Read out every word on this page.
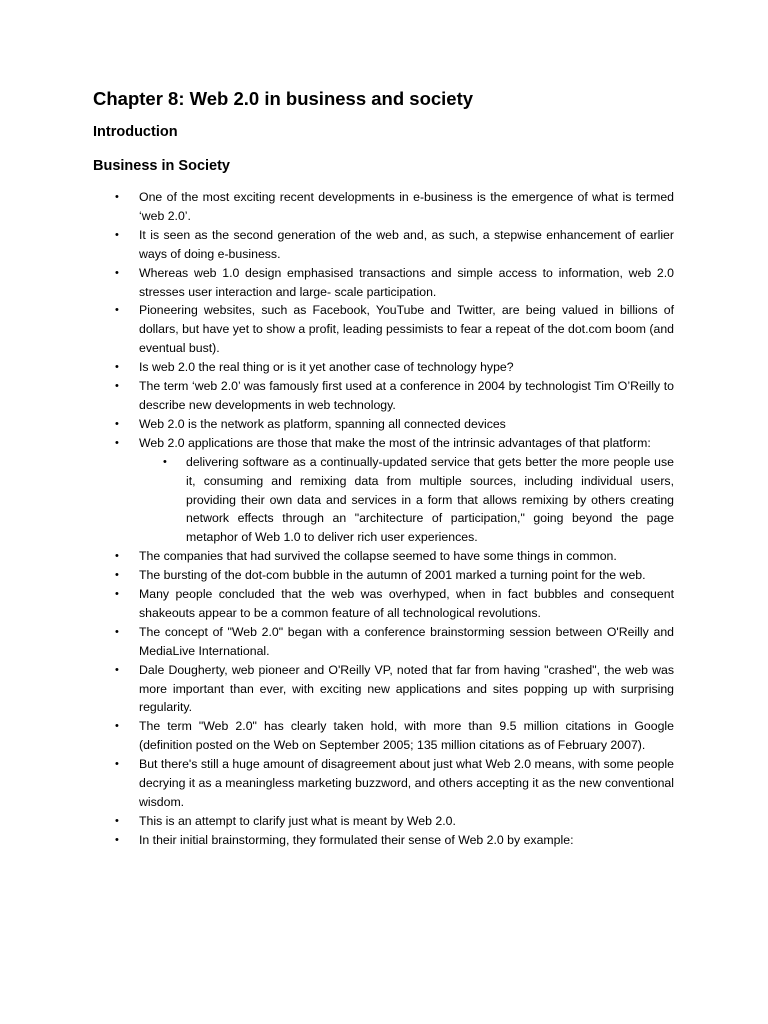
Chapter 8: Web 2.0 in business and society
Introduction
Business in Society
• One of the most exciting recent developments in e-business is the emergence of what is termed ‘web 2.0’.
• It is seen as the second generation of the web and, as such, a stepwise enhancement of earlier ways of doing e-business.
• Whereas web 1.0 design emphasised transactions and simple access to information, web 2.0 stresses user interaction and large- scale participation.
• Pioneering websites, such as Facebook, YouTube and Twitter, are being valued in billions of dollars, but have yet to show a profit, leading pessimists to fear a repeat of the dot.com boom (and eventual bust).
• Is web 2.0 the real thing or is it yet another case of technology hype?
• The term ‘web 2.0’ was famously first used at a conference in 2004 by technologist Tim O’Reilly to describe new developments in web technology.
• Web 2.0 is the network as platform, spanning all connected devices
• Web 2.0 applications are those that make the most of the intrinsic advantages of that platform:
• delivering software as a continually-updated service that gets better the more people use it, consuming and remixing data from multiple sources, including individual users, providing their own data and services in a form that allows remixing by others creating network effects through an "architecture of participation," going beyond the page metaphor of Web 1.0 to deliver rich user experiences.
• The companies that had survived the collapse seemed to have some things in common.
• The bursting of the dot-com bubble in the autumn of 2001 marked a turning point for the web.
• Many people concluded that the web was overhyped, when in fact bubbles and consequent shakeouts appear to be a common feature of all technological revolutions.
• The concept of "Web 2.0" began with a conference brainstorming session between O'Reilly and MediaLive International.
• Dale Dougherty, web pioneer and O'Reilly VP, noted that far from having "crashed", the web was more important than ever, with exciting new applications and sites popping up with surprising regularity.
• The term "Web 2.0" has clearly taken hold, with more than 9.5 million citations in Google (definition posted on the Web on September 2005; 135 million citations as of February 2007).
• But there's still a huge amount of disagreement about just what Web 2.0 means, with some people decrying it as a meaningless marketing buzzword, and others accepting it as the new conventional wisdom.
• This is an attempt to clarify just what is meant by Web 2.0.
• In their initial brainstorming, they formulated their sense of Web 2.0 by example:
